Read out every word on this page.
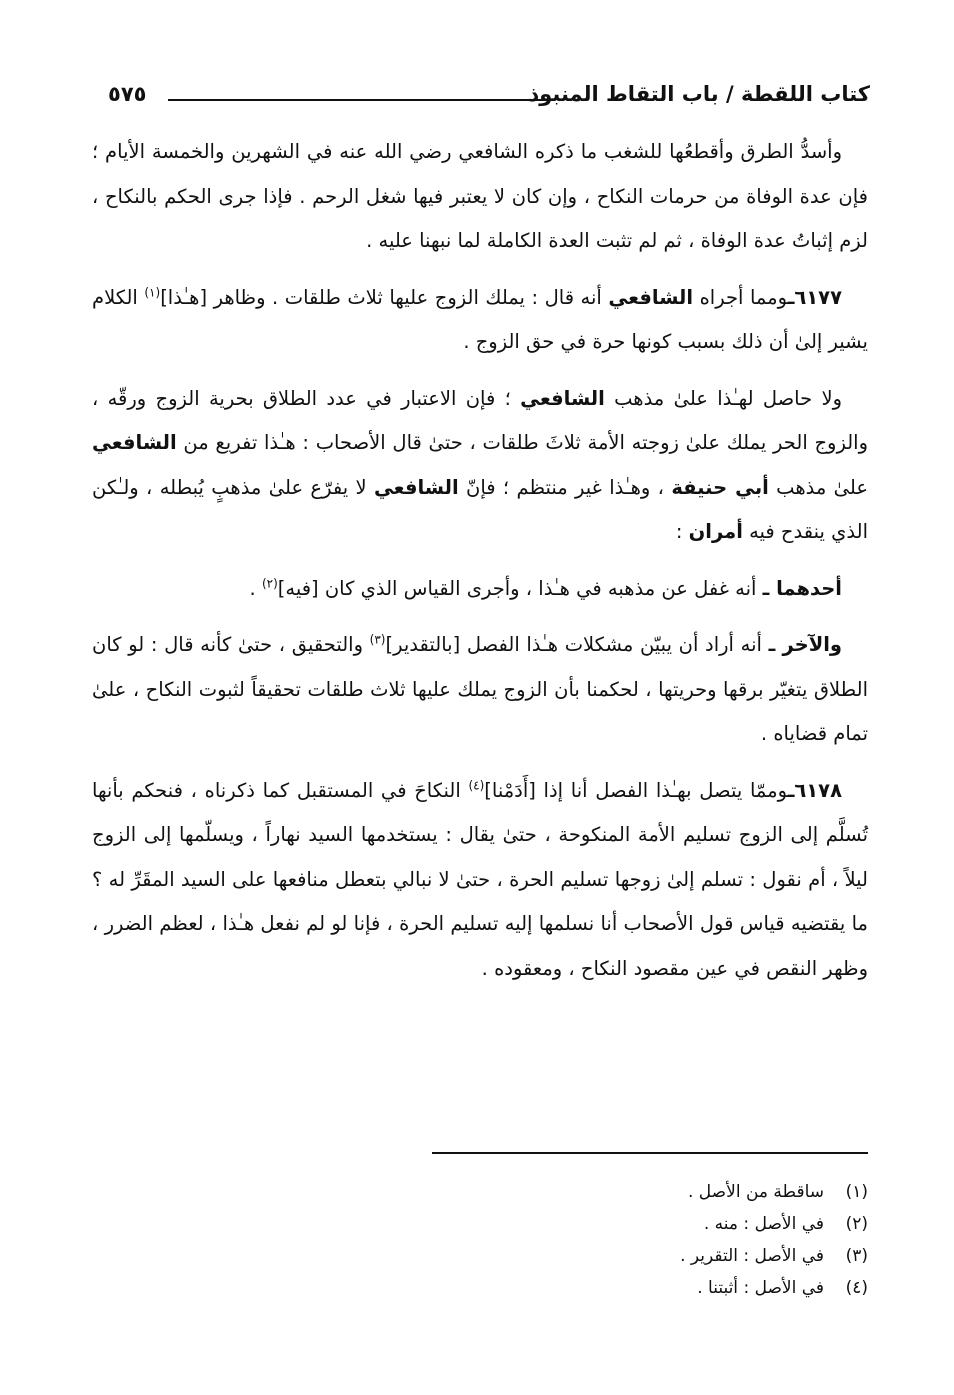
كتاب اللقطة / باب التقاط المنبوذ
٥٧٥

وأسدُّ الطرق وأقطعُها للشغب ما ذكره الشافعي رضي الله عنه في الشهرين والخمسة الأيام ؛ فإن عدة الوفاة من حرمات النكاح ، وإن كان لا يعتبر فيها شغل الرحم . فإذا جرى الحكم بالنكاح ، لزم إثباتُ عدة الوفاة ، ثم لم تثبت العدة الكاملة لما نبهنا عليه .

٦١٧٧ـومما أجراه الشافعي أنه قال : يملك الزوج عليها ثلاث طلقات . وظاهر [هـٰذا]$^{(١)}$ الكلام يشير إلىٰ أن ذلك بسبب كونها حرة في حق الزوج .

ولا حاصل لهـٰذا علىٰ مذهب الشافعي ؛ فإن الاعتبار في عدد الطلاق بحرية الزوج ورقّه ، والزوج الحر يملك علىٰ زوجته الأمة ثلاثَ طلقات ، حتىٰ قال الأصحاب : هـٰذا تفريع من الشافعي علىٰ مذهب أبي حنيفة ، وهـٰذا غير منتظم ؛ فإنّ الشافعي لا يفرّع علىٰ مذهبٍ يُبطله ، ولـٰكن الذي ينقدح فيه أمران :

أحدهما ـ أنه غفل عن مذهبه في هـٰذا ، وأجرى القياس الذي كان [فيه]$^{(٢)}$ .

والآخر ـ أنه أراد أن يبيّن مشكلات هـٰذا الفصل [بالتقدير]$^{(٣)}$ والتحقيق ، حتىٰ كأنه قال : لو كان الطلاق يتغيّر برقها وحريتها ، لحكمنا بأن الزوج يملك عليها ثلاث طلقات تحقيقاً لثبوت النكاح ، علىٰ تمام قضاياه .

٦١٧٨ـوممّا يتصل بهـٰذا الفصل أنا إذا [أَدَمْنا]$^{(٤)}$ النكاحَ في المستقبل كما ذكرناه ، فنحكم بأنها تُسلَّم إلى الزوج تسليم الأمة المنكوحة ، حتىٰ يقال : يستخدمها السيد نهاراً ، ويسلّمها إلى الزوج ليلاً ، أم نقول : تسلم إلىٰ زوجها تسليم الحرة ، حتىٰ لا نبالي بتعطل منافعها على السيد المقَرِّ له ؟ ما يقتضيه قياس قول الأصحاب أنا نسلمها إليه تسليم الحرة ، فإنا لو لم نفعل هـٰذا ، لعظم الضرر ، وظهر النقص في عين مقصود النكاح ، ومعقوده .

(١)
ساقطة من الأصل .
(٢)
في الأصل : منه .
(٣)
في الأصل : التقرير .
(٤)
في الأصل : أثبتنا .
